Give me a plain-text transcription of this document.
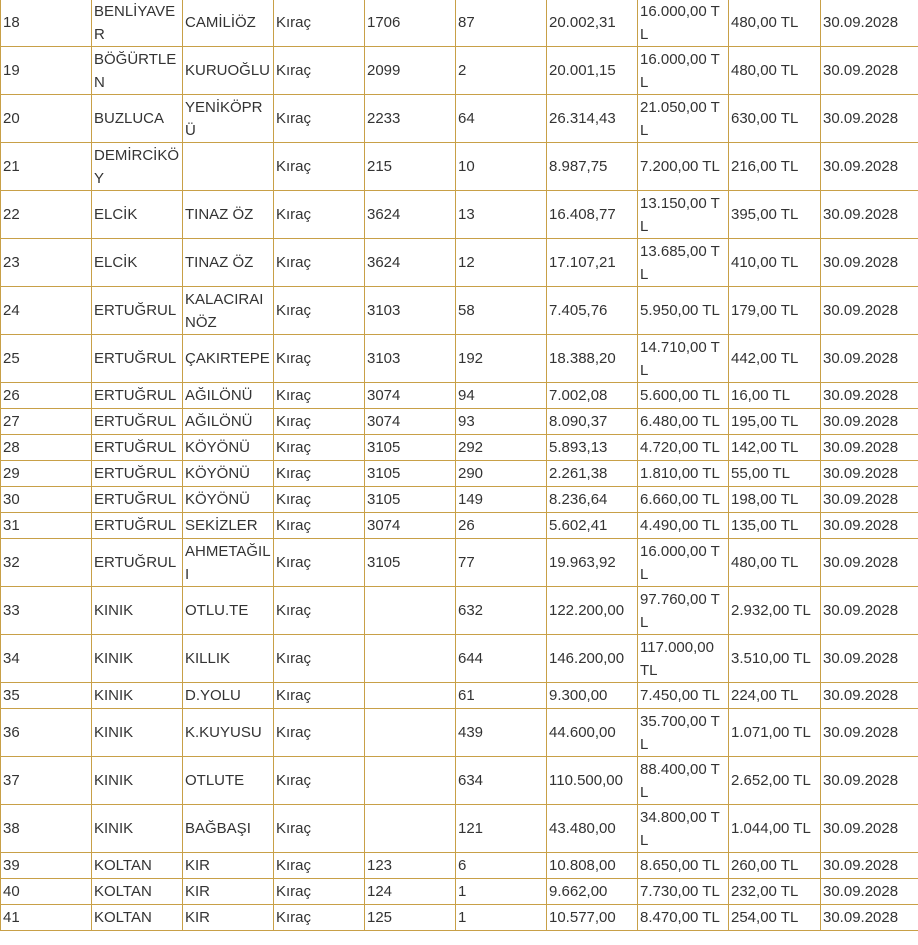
18	BENLİYAVER	CAMİLİÖZ	Kıraç	1706	87	20.002,31	16.000,00 TL	480,00 TL	30.09.2028
19	BÖĞÜRTLEN	KURUOĞLU	Kıraç	2099	2	20.001,15	16.000,00 TL	480,00 TL	30.09.2028
20	BUZLUCA	YENİKÖPRÜ	Kıraç	2233	64	26.314,43	21.050,00 TL	630,00 TL	30.09.2028
21	DEMİRCİKÖY		Kıraç	215	10	8.987,75	7.200,00 TL	216,00 TL	30.09.2028
22	ELCİK	TINAZ ÖZ	Kıraç	3624	13	16.408,77	13.150,00 TL	395,00 TL	30.09.2028
23	ELCİK	TINAZ ÖZ	Kıraç	3624	12	17.107,21	13.685,00 TL	410,00 TL	30.09.2028
24	ERTUĞRUL	KALACIRAINÖZ	Kıraç	3103	58	7.405,76	5.950,00 TL	179,00 TL	30.09.2028
25	ERTUĞRUL	ÇAKIRTEPE	Kıraç	3103	192	18.388,20	14.710,00 TL	442,00 TL	30.09.2028
26	ERTUĞRUL	AĞILÖNÜ	Kıraç	3074	94	7.002,08	5.600,00 TL	16,00 TL	30.09.2028
27	ERTUĞRUL	AĞILÖNÜ	Kıraç	3074	93	8.090,37	6.480,00 TL	195,00 TL	30.09.2028
28	ERTUĞRUL	KÖYÖNÜ	Kıraç	3105	292	5.893,13	4.720,00 TL	142,00 TL	30.09.2028
29	ERTUĞRUL	KÖYÖNÜ	Kıraç	3105	290	2.261,38	1.810,00 TL	55,00 TL	30.09.2028
30	ERTUĞRUL	KÖYÖNÜ	Kıraç	3105	149	8.236,64	6.660,00 TL	198,00 TL	30.09.2028
31	ERTUĞRUL	SEKİZLER	Kıraç	3074	26	5.602,41	4.490,00 TL	135,00 TL	30.09.2028
32	ERTUĞRUL	AHMETAĞILI	Kıraç	3105	77	19.963,92	16.000,00 TL	480,00 TL	30.09.2028
33	KINIK	OTLU.TE	Kıraç		632	122.200,00	97.760,00 TL	2.932,00 TL	30.09.2028
34	KINIK	KILLIK	Kıraç		644	146.200,00	117.000,00 TL	3.510,00 TL	30.09.2028
35	KINIK	D.YOLU	Kıraç		61	9.300,00	7.450,00 TL	224,00 TL	30.09.2028
36	KINIK	K.KUYUSU	Kıraç		439	44.600,00	35.700,00 TL	1.071,00 TL	30.09.2028
37	KINIK	OTLUTE	Kıraç		634	110.500,00	88.400,00 TL	2.652,00 TL	30.09.2028
38	KINIK	BAĞBAŞI	Kıraç		121	43.480,00	34.800,00 TL	1.044,00 TL	30.09.2028
39	KOLTAN	KIR	Kıraç	123	6	10.808,00	8.650,00 TL	260,00 TL	30.09.2028
40	KOLTAN	KIR	Kıraç	124	1	9.662,00	7.730,00 TL	232,00 TL	30.09.2028
41	KOLTAN	KIR	Kıraç	125	1	10.577,00	8.470,00 TL	254,00 TL	30.09.2028
